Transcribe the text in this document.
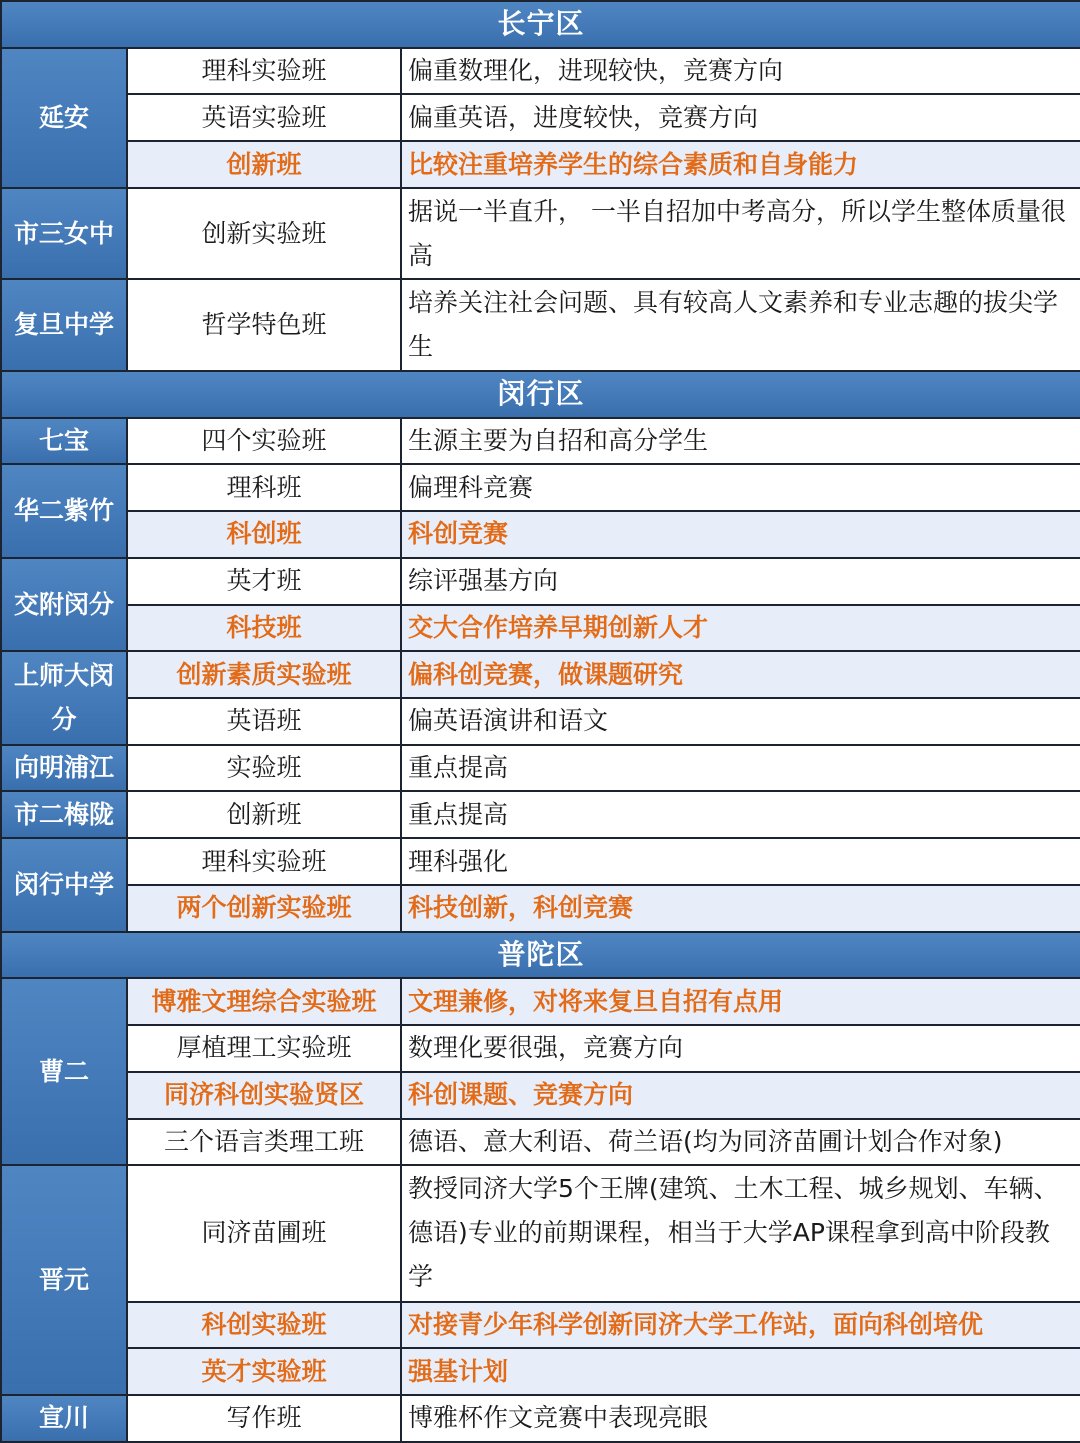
长宁区		
延安	理科实验班	偏重数理化，进现较快，竞赛方向
	英语实验班	偏重英语，进度较快，竞赛方向
	创新班	比较注重培养学生的综合素质和自身能力
市三女中	创新实验班	据说一半直升， 一半自招加中考高分，所以学生整体质量很高
复旦中学	哲学特色班	培养关注社会问题、具有较高人文素养和专业志趣的拔尖学生
闵行区		
七宝	四个实验班	生源主要为自招和高分学生
华二紫竹	理科班	偏理科竞赛
	科创班	科创竞赛
交附闵分	英才班	综评强基方向
	科技班	交大合作培养早期创新人才
上师大闵分	创新素质实验班	偏科创竞赛，做课题研究
	英语班	偏英语演讲和语文
向明浦江	实验班	重点提高
市二梅陇	创新班	重点提高
闵行中学	理科实验班	理科强化
	两个创新实验班	科技创新，科创竞赛
普陀区		
曹二	博雅文理综合实验班	文理兼修，对将来复旦自招有点用
	厚植理工实验班	数理化要很强，竞赛方向
	同济科创实验贤区	科创课题、竞赛方向
	三个语言类理工班	德语、意大利语、荷兰语(均为同济苗圃计划合作对象)
晋元	同济苗圃班	教授同济大学5个王牌(建筑、土木工程、城乡规划、车辆、德语)专业的前期课程，相当于大学AP课程拿到高中阶段教学
	科创实验班	对接青少年科学创新同济大学工作站，面向科创培优
	英才实验班	强基计划
宣川	写作班	博雅杯作文竞赛中表现亮眼
